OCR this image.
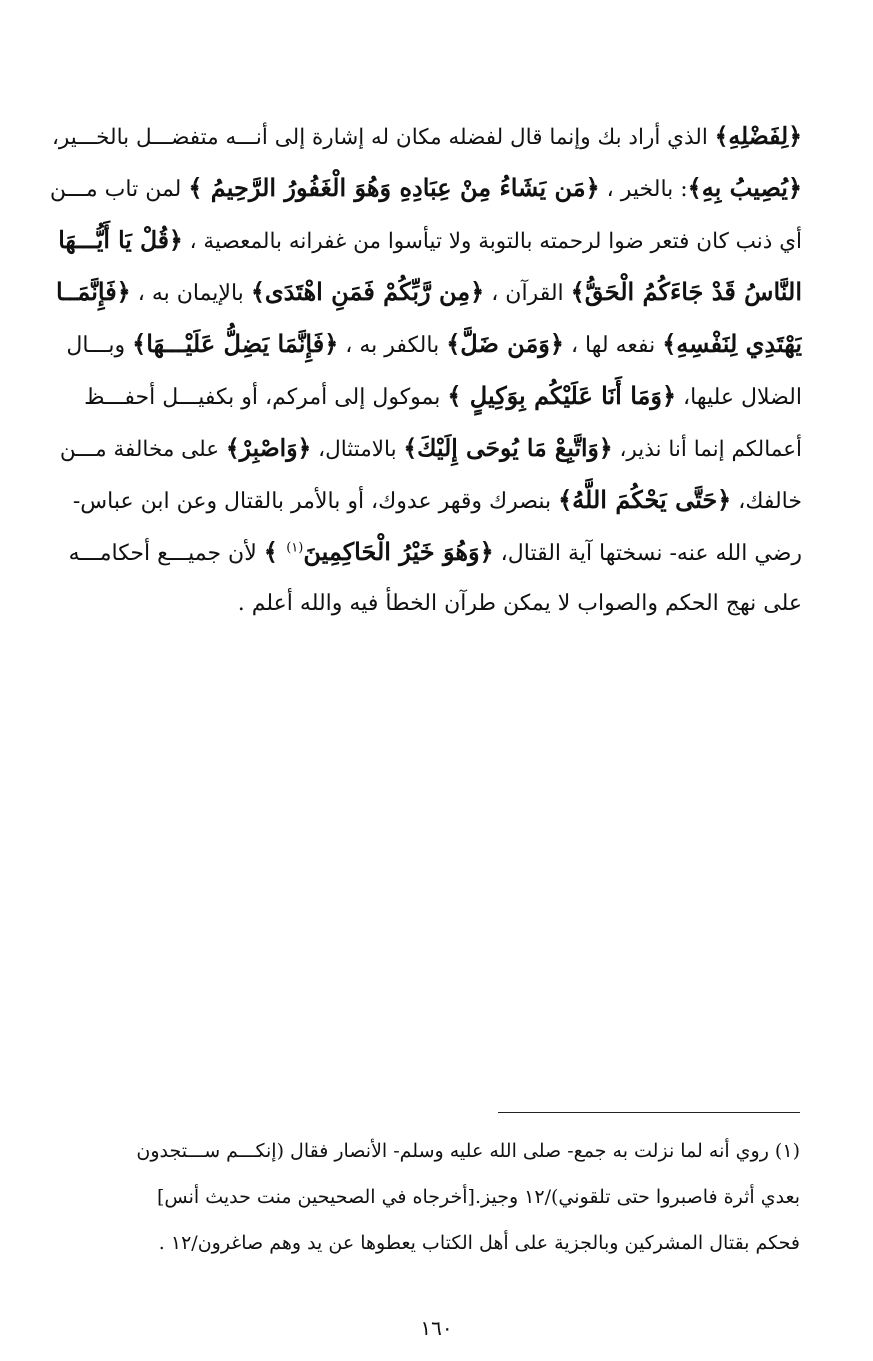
﴿لِفَضْلِهِ﴾ الذي أراد بك وإنما قال لفضله مكان له إشارة إلى أنـــه متفضـــل بالخـــير،
﴿يُصِيبُ بِهِ﴾: بالخير ، ﴿مَن يَشَاءُ مِنْ عِبَادِهِ وَهُوَ الْغَفُورُ الرَّحِيمُ ﴾ لمن تاب مـــن
أي ذنب كان فتعر ضوا لرحمته بالتوبة ولا تيأسوا من غفرانه بالمعصية ، ﴿قُلْ يَا أَيُّـــهَا
النَّاسُ قَدْ جَاءَكُمُ الْحَقُّ﴾ القرآن ، ﴿مِن رَّبِّكُمْ فَمَنِ اهْتَدَى﴾ بالإيمان به ، ﴿فَإِنَّمَــا
يَهْتَدِي لِنَفْسِهِ﴾ نفعه لها ، ﴿وَمَن ضَلَّ﴾ بالكفر به ، ﴿فَإِنَّمَا يَضِلُّ عَلَيْـــهَا﴾ وبـــال
الضلال عليها، ﴿وَمَا أَنَا عَلَيْكُم بِوَكِيلٍ ﴾ بموكول إلى أمركم، أو بكفيـــل أحفـــظ
أعمالكم إنما أنا نذير، ﴿وَاتَّبِعْ مَا يُوحَى إِلَيْكَ﴾ بالامتثال، ﴿وَاصْبِرْ﴾ على مخالفة مـــن
خالفك، ﴿حَتَّى يَحْكُمَ اللَّهُ﴾ بنصرك وقهر عدوك، أو بالأمر بالقتال وعن ابن عباس-
رضي الله عنه- نسختها آية القتال، ﴿وَهُوَ خَيْرُ الْحَاكِمِينَ$^{(١)}$ ﴾ لأن جميـــع أحكامـــه
على نهج الحكم والصواب لا يمكن طرآن الخطأ فيه والله أعلم .
(١) روي أنه لما نزلت به جمع- صلى الله عليه وسلم- الأنصار فقال (إنكـــم ســـتجدون
بعدي أثرة فاصبروا حتى تلقوني)/١٢ وجيز.[أخرجاه في الصحيحين منت حديث أنس]
فحكم بقتال المشركين وبالجزية على أهل الكتاب يعطوها عن يد وهم صاغرون/١٢ .
١٦٠
